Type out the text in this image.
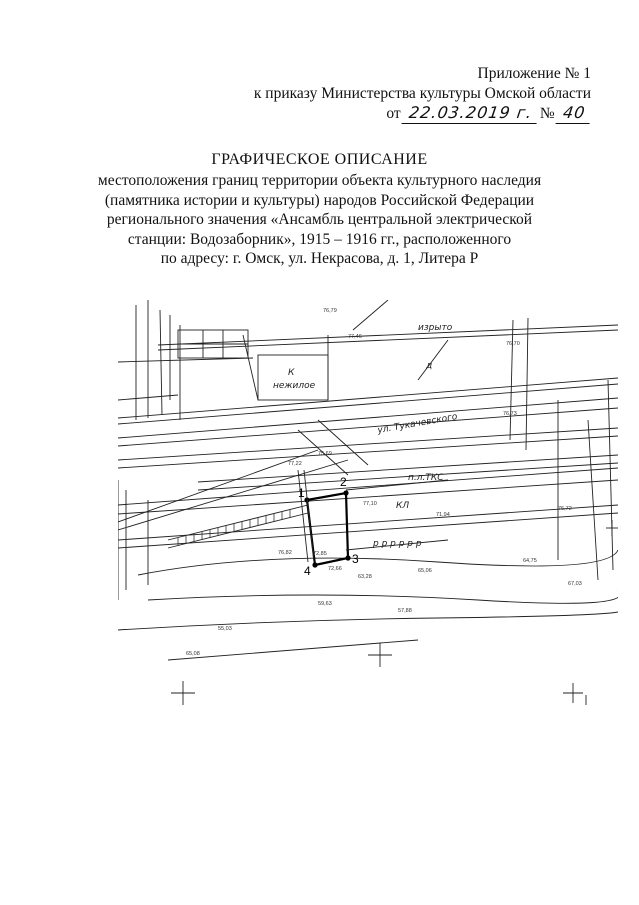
Приложение № 1
к приказу Министерства культуры Омской области
от 22.03.2019 г. № 40
ГРАФИЧЕСКОЕ ОПИСАНИЕ
местоположения границ территории объекта культурного наследия
(памятника истории и культуры) народов Российской Федерации
регионального значения «Ансамбль центральной электрической
станции: Водозаборник», 1915 – 1916 гг., расположенного
по адресу: г. Омск, ул. Некрасова, д. 1, Литера Р
1
2
3
4
ул. Тукачевского
К
нежилое
изрыто
д
КЛ
п.л.ТКС
р р р р р р
76,79
76,70
77,46
76,73
75,69
77,10
76,72
77,22
76,82	72,85
72,66
71,94
64,75
65,06
67,03
63,28
59,63
57,88
55,03
65,08
